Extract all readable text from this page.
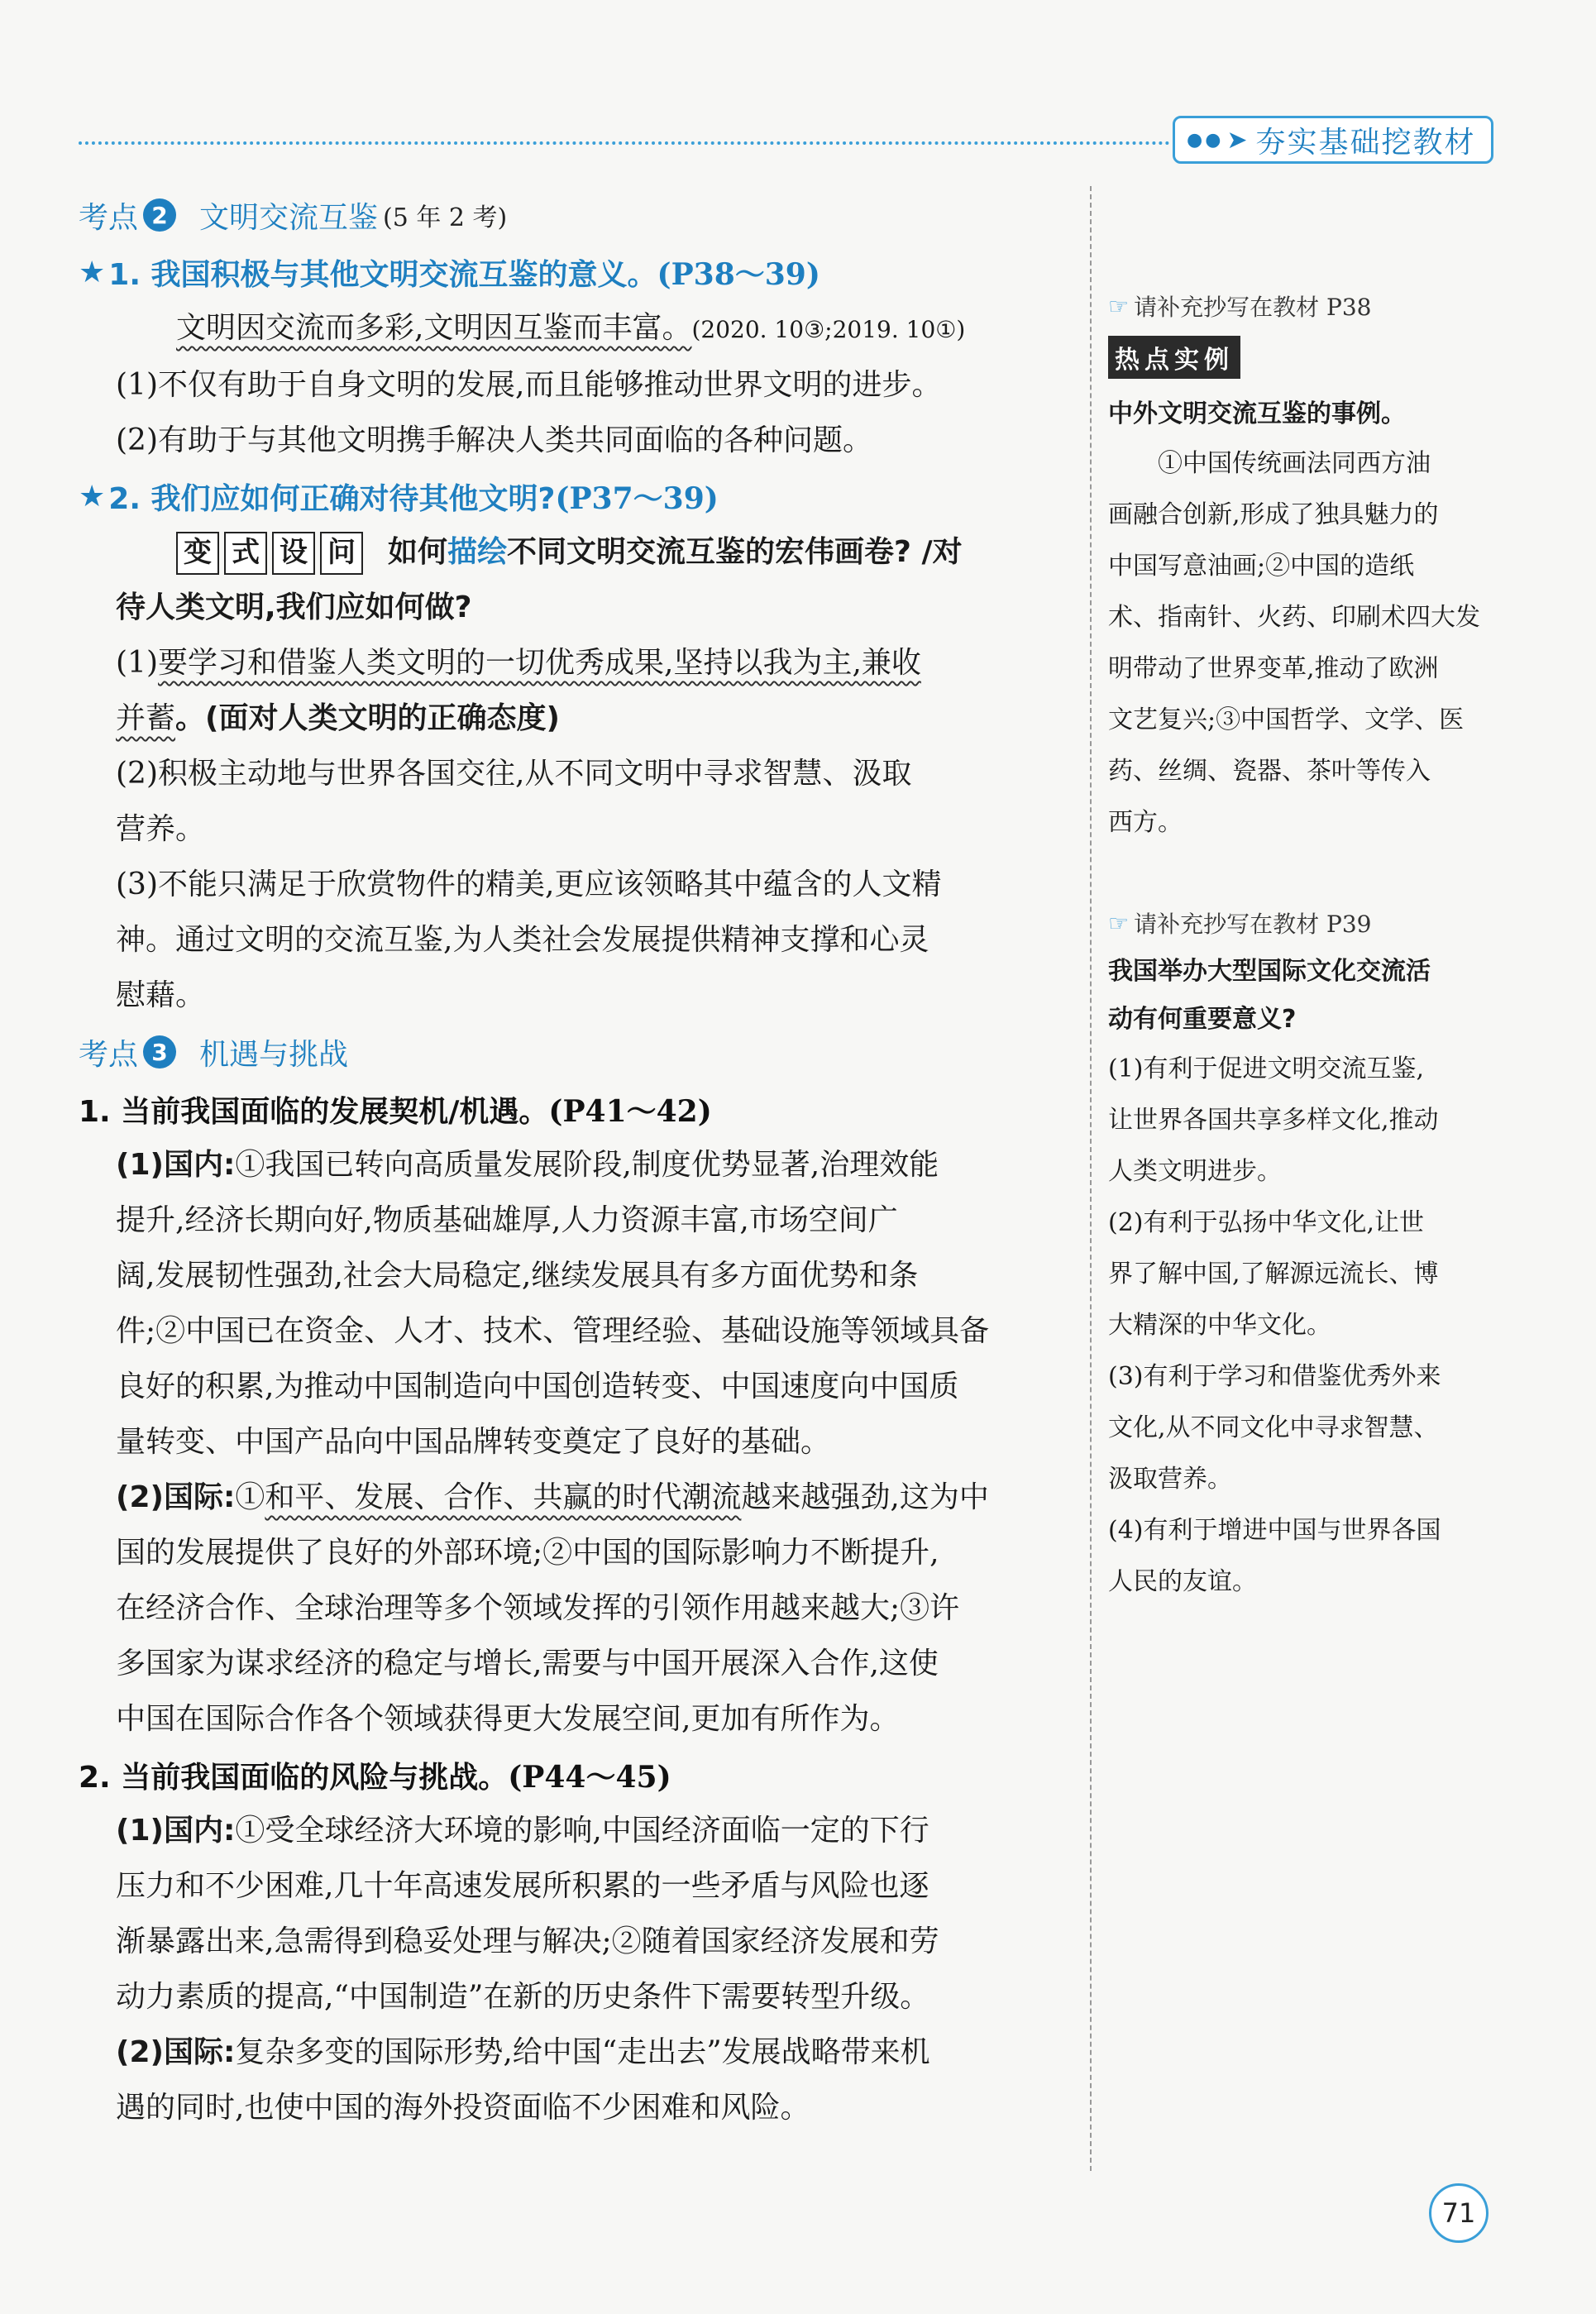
●● ➤ 夯实基础挖教材
考点 2 文明交流互鉴 (5 年 2 考)
★ 1. 我国积极与其他文明交流互鉴的意义。 (P38～39)

文明因交流而多彩,文明因互鉴而丰富。(2020. 10③;2019. 10①)

(1)不仅有助于自身文明的发展,而且能够推动世界文明的进步。

(2)有助于与其他文明携手解决人类共同面临的各种问题。

★ 2. 我们应如何正确对待其他文明? (P37～39)

变 式 设 问 如何描绘不同文明交流互鉴的宏伟画卷? /对

待人类文明,我们应如何做?

(1)要学习和借鉴人类文明的一切优秀成果,坚持以我为主,兼收

并蓄。(面对人类文明的正确态度)

(2)积极主动地与世界各国交往,从不同文明中寻求智慧、汲取

营养。

(3)不能只满足于欣赏物件的精美,更应该领略其中蕴含的人文精

神。通过文明的交流互鉴,为人类社会发展提供精神支撑和心灵

慰藉。

考点 3 机遇与挑战
1. 当前我国面临的发展契机/机遇。 (P41～42)

(1)国内:①我国已转向高质量发展阶段,制度优势显著,治理效能

提升,经济长期向好,物质基础雄厚,人力资源丰富,市场空间广

阔,发展韧性强劲,社会大局稳定,继续发展具有多方面优势和条

件;②中国已在资金、人才、技术、管理经验、基础设施等领域具备

良好的积累,为推动中国制造向中国创造转变、中国速度向中国质

量转变、中国产品向中国品牌转变奠定了良好的基础。

(2)国际:①和平、发展、合作、共赢的时代潮流越来越强劲,这为中

国的发展提供了良好的外部环境;②中国的国际影响力不断提升,

在经济合作、全球治理等多个领域发挥的引领作用越来越大;③许

多国家为谋求经济的稳定与增长,需要与中国开展深入合作,这使

中国在国际合作各个领域获得更大发展空间,更加有所作为。

2. 当前我国面临的风险与挑战。 (P44～45)

(1)国内:①受全球经济大环境的影响,中国经济面临一定的下行

压力和不少困难,几十年高速发展所积累的一些矛盾与风险也逐

渐暴露出来,急需得到稳妥处理与解决;②随着国家经济发展和劳

动力素质的提高,“中国制造”在新的历史条件下需要转型升级。

(2)国际:复杂多变的国际形势,给中国“走出去”发展战略带来机

遇的同时,也使中国的海外投资面临不少困难和风险。

☞ 请补充抄写在教材 P38
热点实例
中外文明交流互鉴的事例。

①中国传统画法同西方油

画融合创新,形成了独具魅力的

中国写意油画;②中国的造纸

术、指南针、火药、印刷术四大发

明带动了世界变革,推动了欧洲

文艺复兴;③中国哲学、文学、医

药、丝绸、瓷器、茶叶等传入

西方。

☞ 请补充抄写在教材 P39
我国举办大型国际文化交流活
动有何重要意义?

(1)有利于促进文明交流互鉴,

让世界各国共享多样文化,推动

人类文明进步。

(2)有利于弘扬中华文化,让世

界了解中国,了解源远流长、博

大精深的中华文化。

(3)有利于学习和借鉴优秀外来

文化,从不同文化中寻求智慧、

汲取营养。

(4)有利于增进中国与世界各国

人民的友谊。

71
